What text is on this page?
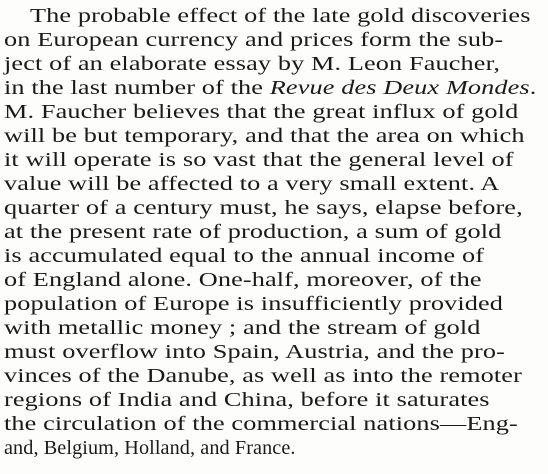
The probable effect of the late gold discoveries
on European currency and prices form the sub-
ject of an elaborate essay by M. Leon Faucher,
in the last number of the Revue des Deux Mondes.
M. Faucher believes that the great influx of gold
will be but temporary, and that the area on which
it will operate is so vast that the general level of
value will be affected to a very small extent. A
quarter of a century must, he says, elapse before,
at the present rate of production, a sum of gold
is accumulated equal to the annual income of
of England alone. One-half, moreover, of the
population of Europe is insufficiently provided
with metallic money ; and the stream of gold
must overflow into Spain, Austria, and the pro-
vinces of the Danube, as well as into the remoter
regions of India and China, before it saturates
the circulation of the commercial nations—Eng-
and, Belgium, Holland, and France.
